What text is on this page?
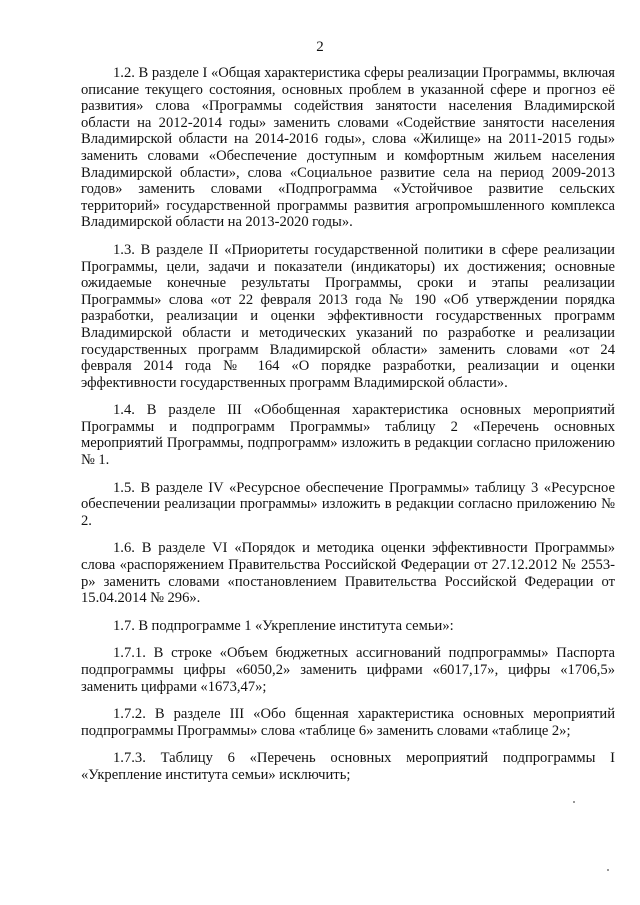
2

1.2. В разделе I «Общая характеристика сферы реализации Программы, включая описание текущего состояния, основных проблем в указанной сфере и прогноз её развития» слова «Программы содействия занятости населения Владимирской области на 2012-2014 годы» заменить словами «Содействие занятости населения Владимирской области на 2014-2016 годы», слова «Жилище» на 2011-2015 годы» заменить словами «Обеспечение доступным и комфортным жильем населения Владимирской области», слова «Социальное развитие села на период 2009-2013 годов» заменить словами «Подпрограмма «Устойчивое развитие сельских территорий» государственной программы развития агропромышленного комплекса Владимирской области на 2013-2020 годы».

1.3. В разделе II «Приоритеты государственной политики в сфере реализации Программы, цели, задачи и показатели (индикаторы) их достижения; основные ожидаемые конечные результаты Программы, сроки и этапы реализации Программы» слова «от 22 февраля 2013 года № 190 «Об утверждении порядка разработки, реализации и оценки эффективности государственных программ Владимирской области и методических указаний по разработке и реализации государственных программ Владимирской области» заменить словами «от 24 февраля 2014 года № 164 «О порядке разработки, реализации и оценки эффективности государственных программ Владимирской области».

1.4. В разделе III «Обобщенная характеристика основных мероприятий Программы и подпрограмм Программы» таблицу 2 «Перечень основных мероприятий Программы, подпрограмм» изложить в редакции согласно приложению № 1.

1.5. В разделе IV «Ресурсное обеспечение Программы» таблицу 3 «Ресурсное обеспечении реализации программы» изложить в редакции согласно приложению № 2.

1.6. В разделе VI «Порядок и методика оценки эффективности Программы» слова «распоряжением Правительства Российской Федерации от 27.12.2012 № 2553-р» заменить словами «постановлением Правительства Российской Федерации от 15.04.2014 № 296».

1.7. В подпрограмме 1 «Укрепление института семьи»:

1.7.1. В строке «Объем бюджетных ассигнований подпрограммы» Паспорта подпрограммы цифры «6050,2» заменить цифрами «6017,17», цифры «1706,5» заменить цифрами «1673,47»;

1.7.2. В разделе III «Обо бщенная характеристика основных мероприятий подпрограммы Программы» слова «таблице 6» заменить словами «таблице 2»;

1.7.3. Таблицу 6 «Перечень основных мероприятий подпрограммы I «Укрепление института семьи» исключить;
